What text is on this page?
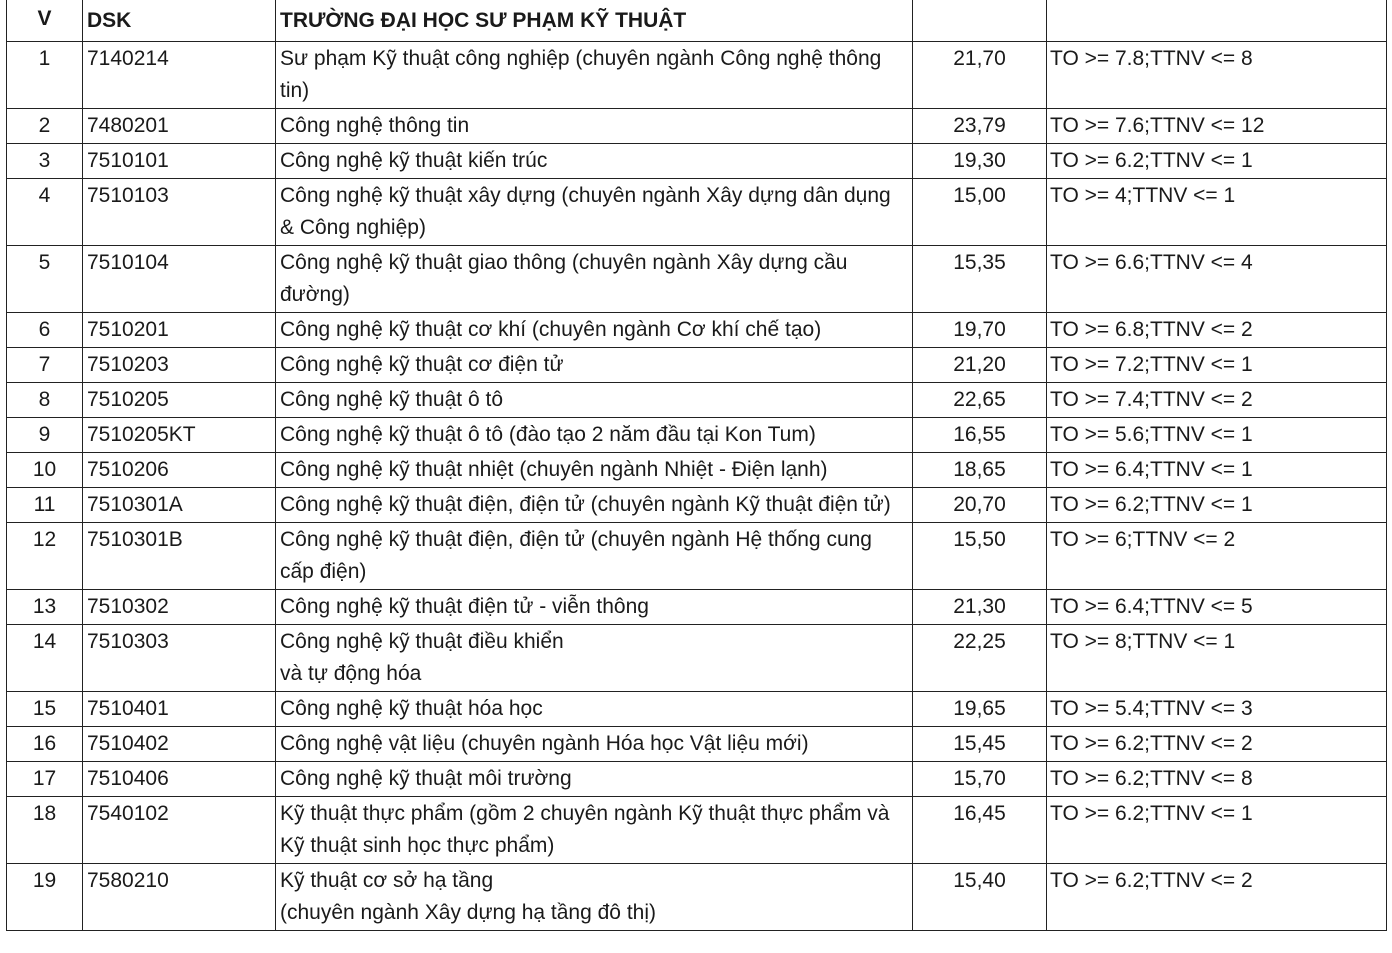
V	DSK	TRƯỜNG ĐẠI HỌC SƯ PHẠM KỸ THUẬT		
1	7140214	Sư phạm Kỹ thuật công nghiệp (chuyên ngành Công nghệ thông tin)	21,70	TO >= 7.8;TTNV <= 8
2	7480201	Công nghệ thông tin	23,79	TO >= 7.6;TTNV <= 12
3	7510101	Công nghệ kỹ thuật kiến trúc	19,30	TO >= 6.2;TTNV <= 1
4	7510103	Công nghệ kỹ thuật xây dựng (chuyên ngành Xây dựng dân dụng & Công nghiệp)	15,00	TO >= 4;TTNV <= 1
5	7510104	Công nghệ kỹ thuật giao thông (chuyên ngành Xây dựng cầu đường)	15,35	TO >= 6.6;TTNV <= 4
6	7510201	Công nghệ kỹ thuật cơ khí (chuyên ngành Cơ khí chế tạo)	19,70	TO >= 6.8;TTNV <= 2
7	7510203	Công nghệ kỹ thuật cơ điện tử	21,20	TO >= 7.2;TTNV <= 1
8	7510205	Công nghệ kỹ thuật ô tô	22,65	TO >= 7.4;TTNV <= 2
9	7510205KT	Công nghệ kỹ thuật ô tô (đào tạo 2 năm đầu tại Kon Tum)	16,55	TO >= 5.6;TTNV <= 1
10	7510206	Công nghệ kỹ thuật nhiệt (chuyên ngành Nhiệt - Điện lạnh)	18,65	TO >= 6.4;TTNV <= 1
11	7510301A	Công nghệ kỹ thuật điện, điện tử (chuyên ngành Kỹ thuật điện tử)	20,70	TO >= 6.2;TTNV <= 1
12	7510301B	Công nghệ kỹ thuật điện, điện tử (chuyên ngành Hệ thống cung cấp điện)	15,50	TO >= 6;TTNV <= 2
13	7510302	Công nghệ kỹ thuật điện tử - viễn thông	21,30	TO >= 6.4;TTNV <= 5
14	7510303	Công nghệ kỹ thuật điều khiển
và tự động hóa	22,25	TO >= 8;TTNV <= 1
15	7510401	Công nghệ kỹ thuật hóa học	19,65	TO >= 5.4;TTNV <= 3
16	7510402	Công nghệ vật liệu (chuyên ngành Hóa học Vật liệu mới)	15,45	TO >= 6.2;TTNV <= 2
17	7510406	Công nghệ kỹ thuật môi trường	15,70	TO >= 6.2;TTNV <= 8
18	7540102	Kỹ thuật thực phẩm (gồm 2 chuyên ngành Kỹ thuật thực phẩm và Kỹ thuật sinh học thực phẩm)	16,45	TO >= 6.2;TTNV <= 1
19	7580210	Kỹ thuật cơ sở hạ tầng
(chuyên ngành Xây dựng hạ tầng đô thị)	15,40	TO >= 6.2;TTNV <= 2
